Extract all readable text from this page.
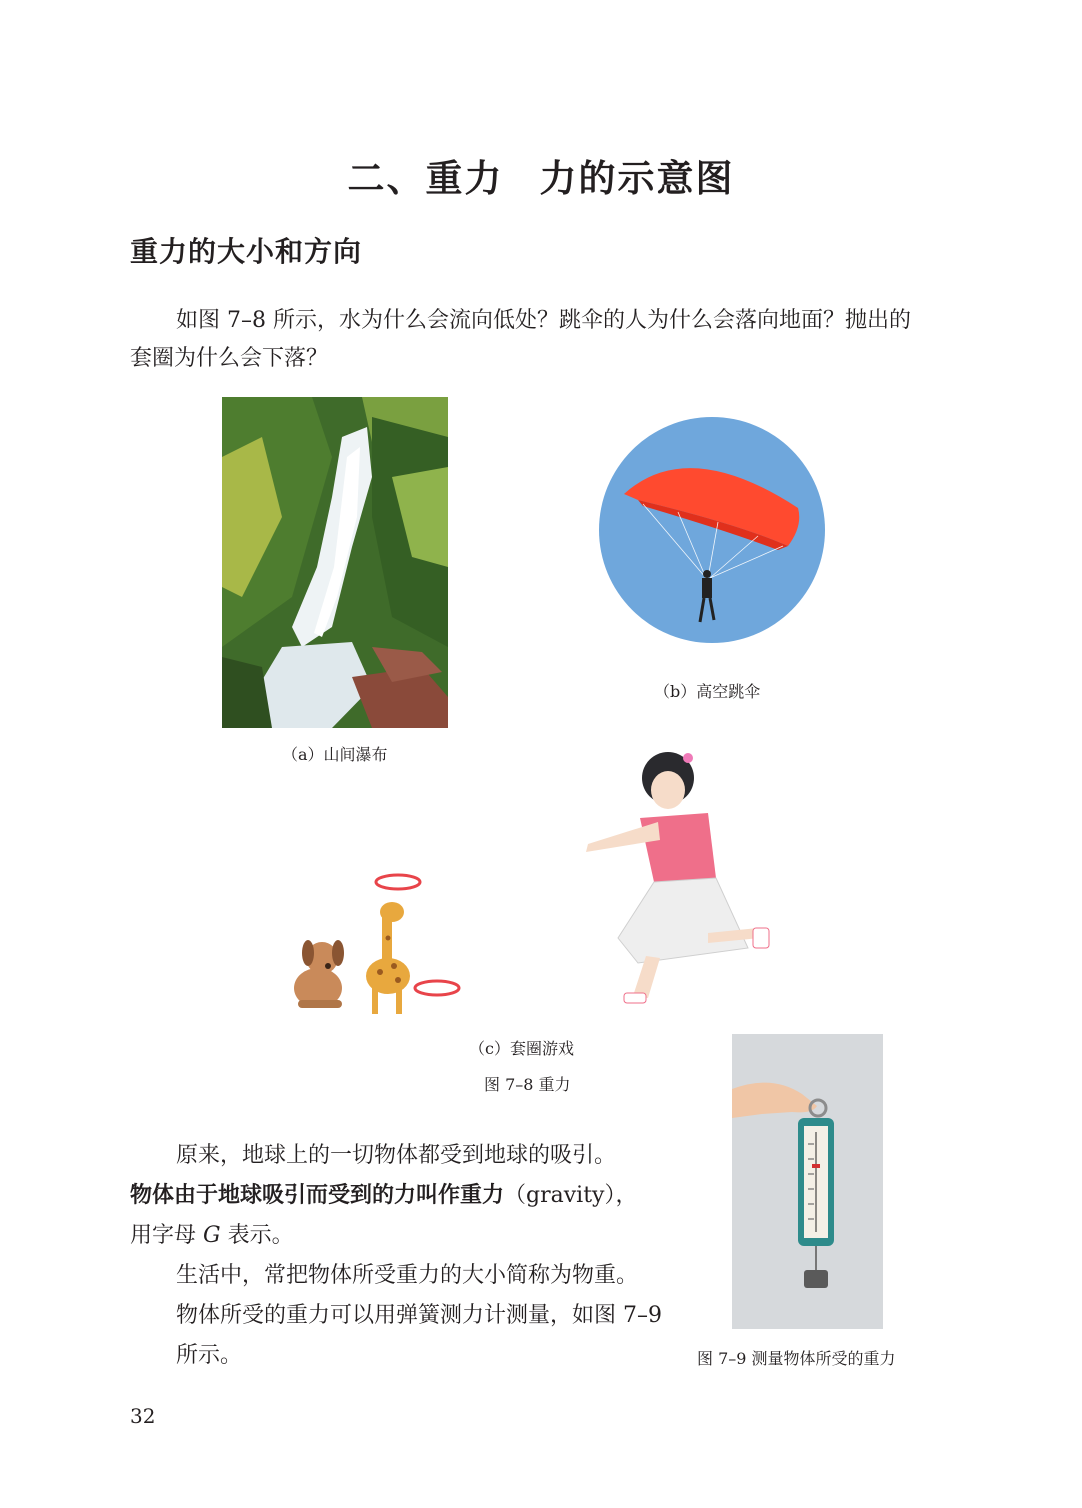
二、重力 力的示意图
重力的大小和方向
如图 7–8 所示，水为什么会流向低处？跳伞的人为什么会落向地面？抛出的套圈为什么会下落？
（a）山间瀑布
（b）高空跳伞
（c）套圈游戏
图 7–8 重力
图 7–9 测量物体所受的重力
原来，地球上的一切物体都受到地球的吸引。
物体由于地球吸引而受到的力叫作重力（gravity），
用字母 G 表示。
生活中，常把物体所受重力的大小简称为物重。
物体所受的重力可以用弹簧测力计测量，如图 7–9 所示。
32
